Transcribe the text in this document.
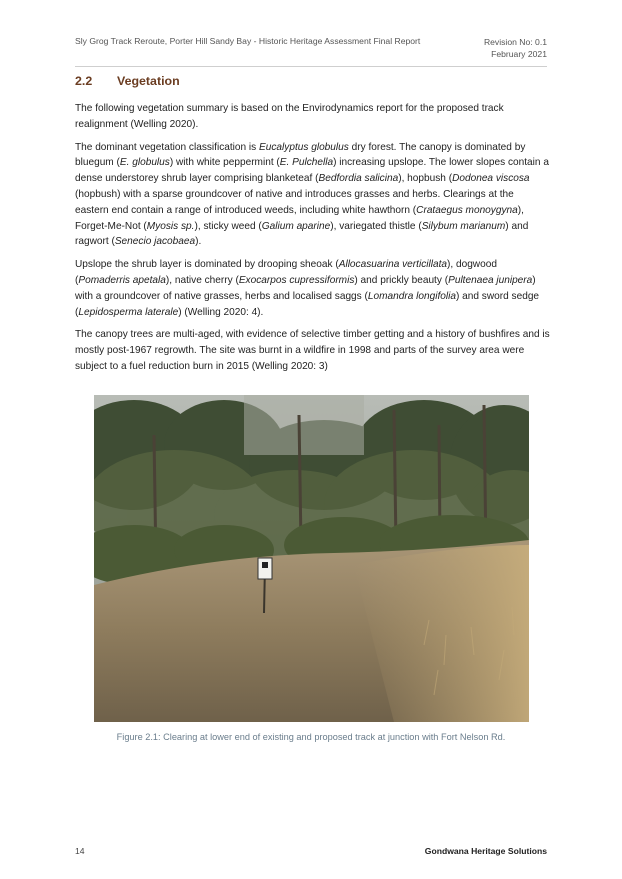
Sly Grog Track Reroute, Porter Hill Sandy Bay - Historic Heritage Assessment Final Report	Revision No: 0.1
February 2021
2.2 Vegetation

The following vegetation summary is based on the Envirodynamics report for the proposed track realignment (Welling 2020).

The dominant vegetation classification is Eucalyptus globulus dry forest. The canopy is dominated by bluegum (E. globulus) with white peppermint (E. Pulchella) increasing upslope. The lower slopes contain a dense understorey shrub layer comprising blanketeaf (Bedfordia salicina), hopbush (Dodonea viscosa (hopbush) with a sparse groundcover of native and introduces grasses and herbs. Clearings at the eastern end contain a range of introduced weeds, including white hawthorn (Crataegus monoygyna), Forget-Me-Not (Myosis sp.), sticky weed (Galium aparine), variegated thistle (Silybum marianum) and ragwort (Senecio jacobaea).

Upslope the shrub layer is dominated by drooping sheoak (Allocasuarina verticillata), dogwood (Pomaderris apetala), native cherry (Exocarpos cupressiformis) and prickly beauty (Pultenaea junipera) with a groundcover of native grasses, herbs and localised saggs (Lomandra longifolia) and sword sedge (Lepidosperma laterale) (Welling 2020: 4).

The canopy trees are multi-aged, with evidence of selective timber getting and a history of bushfires and is mostly post-1967 regrowth. The site was burnt in a wildfire in 1998 and parts of the survey area were subject to a fuel reduction burn in 2015 (Welling 2020: 3)

Figure 2.1: Clearing at lower end of existing and proposed track at junction with Fort Nelson Rd.
14	Gondwana Heritage Solutions
